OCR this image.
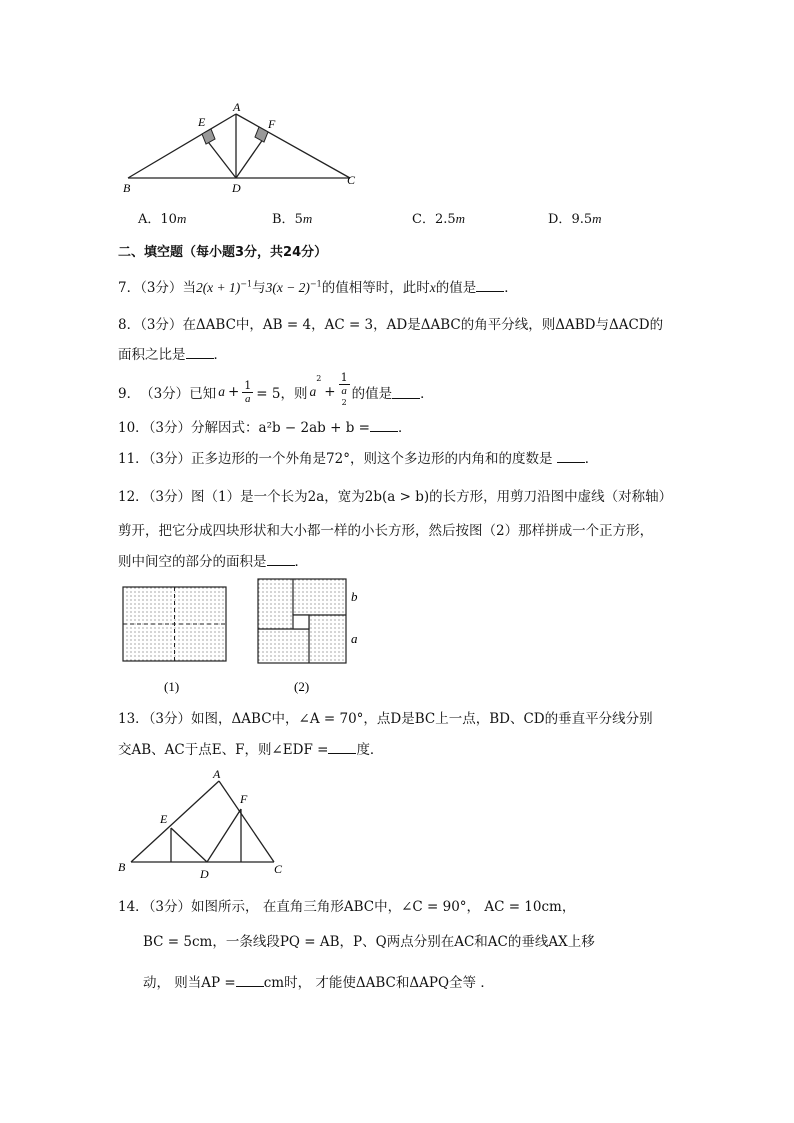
A
E	F
B	D
C
A．10m	B．5m	C．2.5m	D．9.5m
二、填空题（每小题3分，共24分）
7．（3分）当$2(x + 1)^{-1}$与$3(x - 2)^{-1}$的值相等时，此时x的值是 ．
8．（3分）在ΔABC中，AB = 4，AC = 3，AD是ΔABC的角平分线，则ΔABD与ΔACD的
面积之比是 ．
9． （3分） 已知 $a + \frac{1}{a} = 5$，则 a
2
+ 1
a
$^2$ 的值是 ．
10．（3分）分解因式：a²b − 2ab + b = ．
11．（3分）正多边形的一个外角是72°，则这个多边形的内角和的度数是 ．
12．（3分）图（1）是一个长为2a，宽为2b(a > b)的长方形，用剪刀沿图中虚线（对称轴）
剪开，把它分成四块形状和大小都一样的小长方形，然后按图（2）那样拼成一个正方形，
则中间空的部分的面积是 ．
(1)
b
a
(2)
13．（3分）如图，ΔABC中，∠A = 70°，点D是BC上一点，BD、CD的垂直平分线分别
交AB、AC于点E、F，则∠EDF = 度．
A
E
F
B	D	C
14．（3分）如图所示， 在直角三角形ABC中，∠C = 90°， AC = 10cm，
BC = 5cm，一条线段PQ = AB，P、Q两点分别在AC和AC的垂线AX上移
动， 则当AP = cm时， 才能使ΔABC和ΔAPQ全等 ．
